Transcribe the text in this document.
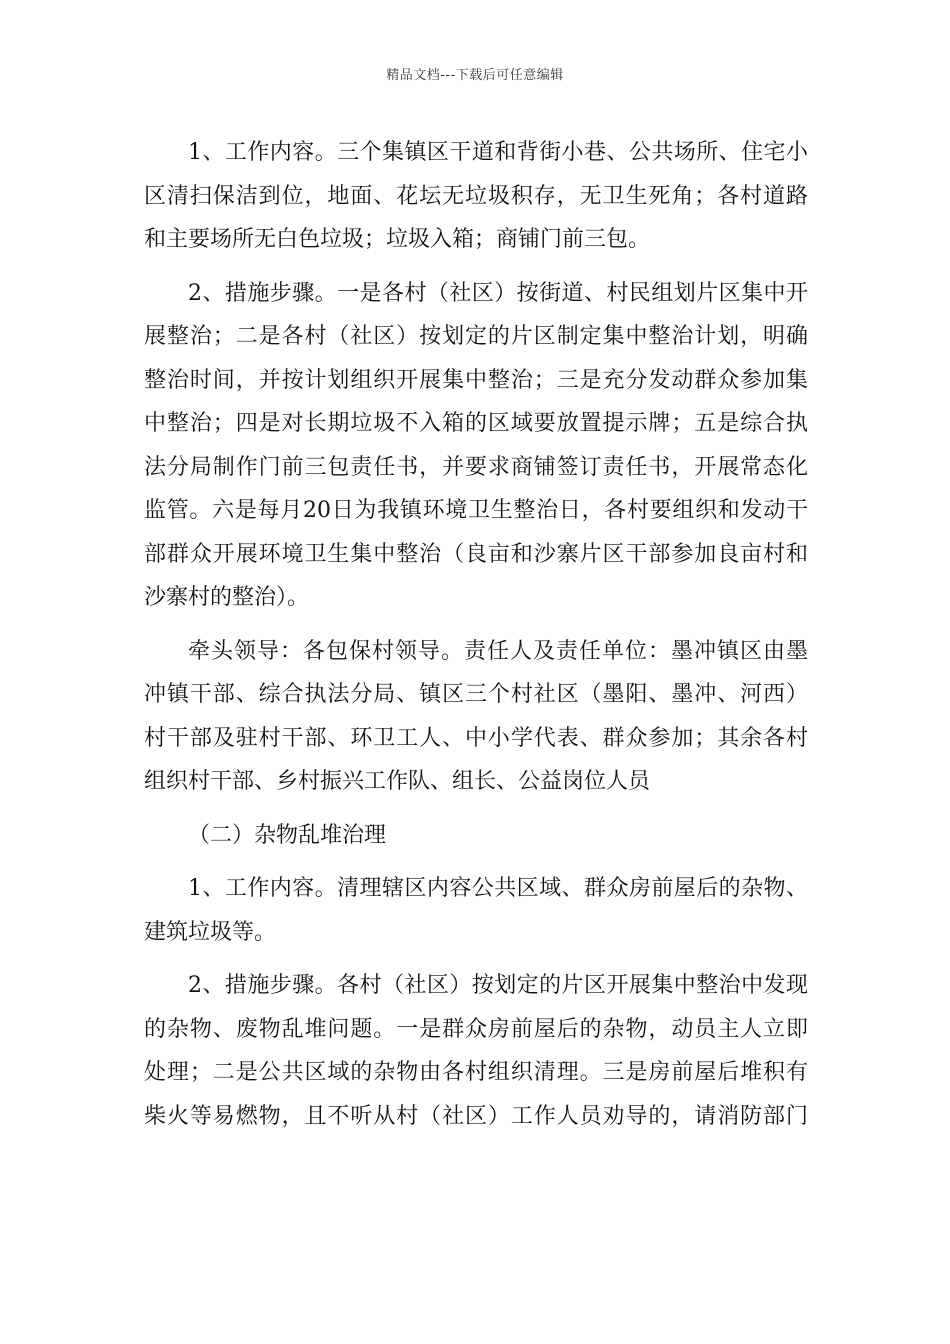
精品文档---下载后可任意编辑
1、工作内容。三个集镇区干道和背街小巷、公共场所、住宅小
区清扫保洁到位，地面、花坛无垃圾积存，无卫生死角；各村道路
和主要场所无白色垃圾；垃圾入箱；商铺门前三包。
2、措施步骤。一是各村（社区）按街道、村民组划片区集中开
展整治；二是各村（社区）按划定的片区制定集中整治计划，明确
整治时间，并按计划组织开展集中整治；三是充分发动群众参加集
中整治；四是对长期垃圾不入箱的区域要放置提示牌；五是综合执
法分局制作门前三包责任书，并要求商铺签订责任书，开展常态化
监管。六是每月20日为我镇环境卫生整治日，各村要组织和发动干
部群众开展环境卫生集中整治（良亩和沙寨片区干部参加良亩村和
沙寨村的整治）。
牵头领导：各包保村领导。责任人及责任单位：墨冲镇区由墨
冲镇干部、综合执法分局、镇区三个村社区（墨阳、墨冲、河西）
村干部及驻村干部、环卫工人、中小学代表、群众参加；其余各村
组织村干部、乡村振兴工作队、组长、公益岗位人员
（二）杂物乱堆治理
1、工作内容。清理辖区内容公共区域、群众房前屋后的杂物、
建筑垃圾等。
2、措施步骤。各村（社区）按划定的片区开展集中整治中发现
的杂物、废物乱堆问题。一是群众房前屋后的杂物，动员主人立即
处理；二是公共区域的杂物由各村组织清理。三是房前屋后堆积有
柴火等易燃物，且不听从村（社区）工作人员劝导的，请消防部门
